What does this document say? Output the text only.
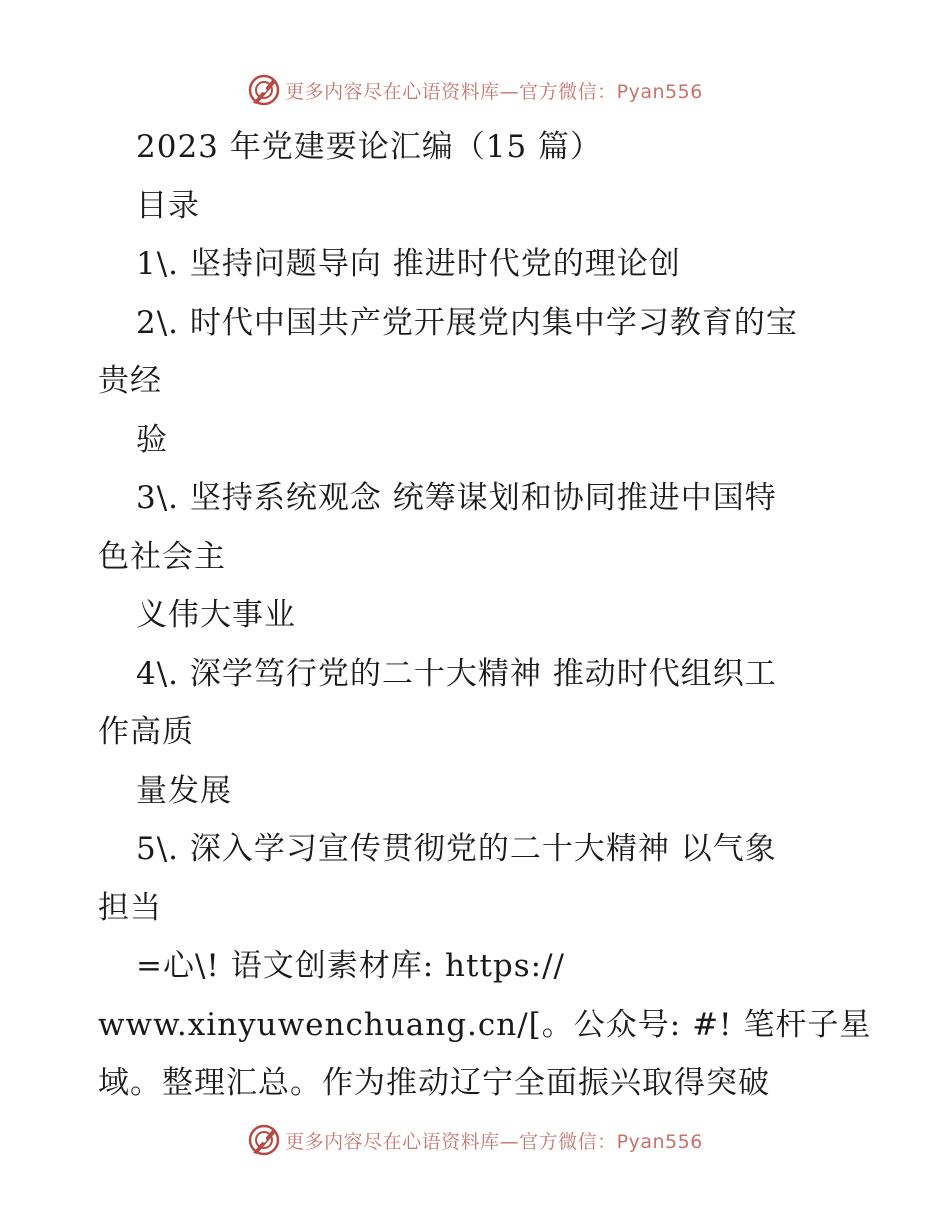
更多内容尽在心语资料库—官方微信：Pyan556
2023 年党建要论汇编（15 篇）
目录
1\. 坚持问题导向 推进时代党的理论创
2\. 时代中国共产党开展党内集中学习教育的宝
贵经
验
3\. 坚持系统观念 统筹谋划和协同推进中国特
色社会主
义伟大事业
4\. 深学笃行党的二十大精神 推动时代组织工
作高质
量发展
5\. 深入学习宣传贯彻党的二十大精神 以气象
担当
=心\! 语文创素材库: https://
www.xinyuwenchuang.cn/[。公众号: #! 笔杆子星
域。整理汇总。作为推动辽宁全面振兴取得突破
更多内容尽在心语资料库—官方微信：Pyan556
